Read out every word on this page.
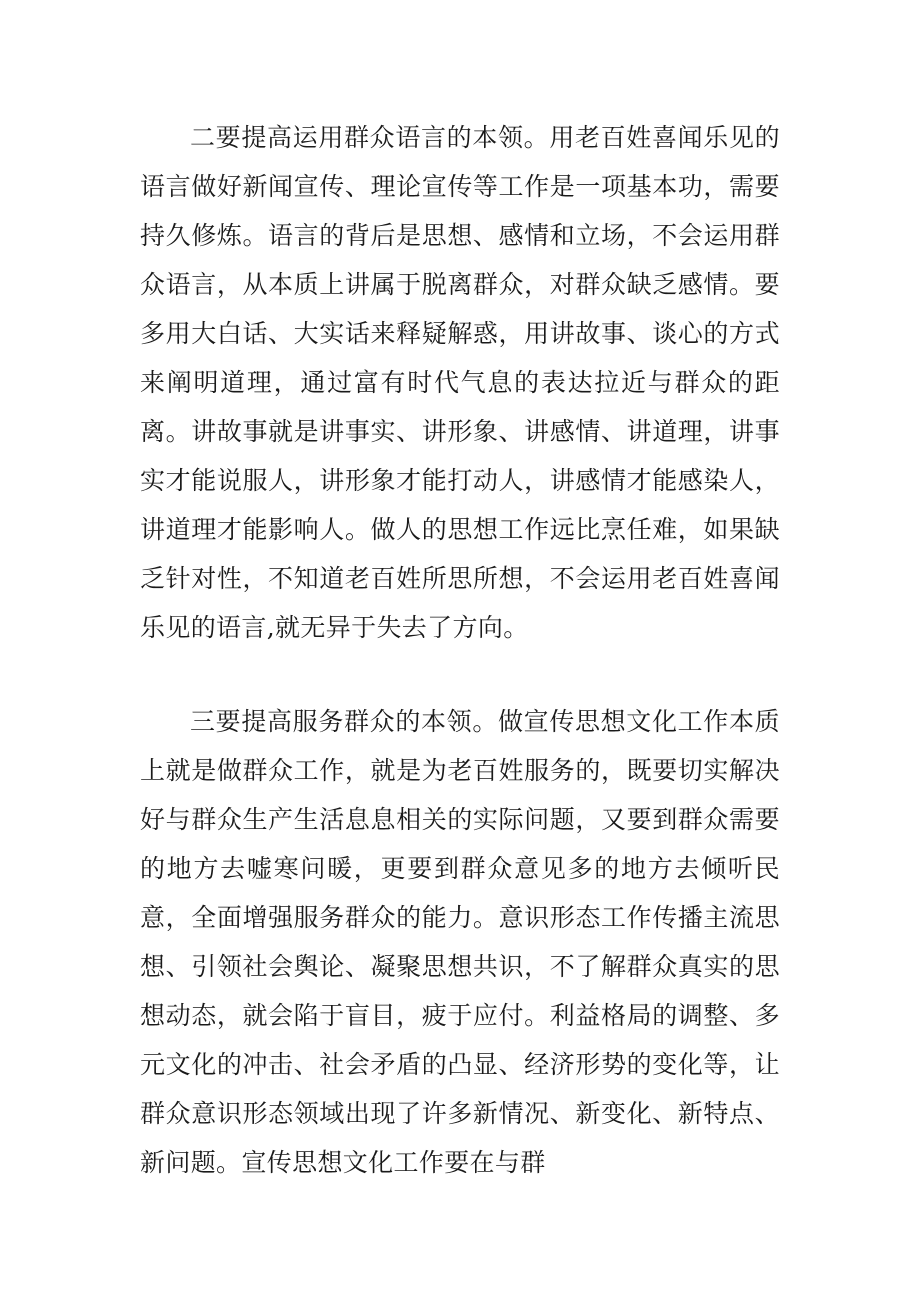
二要提高运用群众语言的本领。用老百姓喜闻乐见的语言做好新闻宣传、理论宣传等工作是一项基本功，需要持久修炼。语言的背后是思想、感情和立场，不会运用群众语言，从本质上讲属于脱离群众，对群众缺乏感情。要多用大白话、大实话来释疑解惑，用讲故事、谈心的方式来阐明道理，通过富有时代气息的表达拉近与群众的距离。讲故事就是讲事实、讲形象、讲感情、讲道理，讲事实才能说服人，讲形象才能打动人，讲感情才能感染人，讲道理才能影响人。做人的思想工作远比烹任难，如果缺乏针对性，不知道老百姓所思所想，不会运用老百姓喜闻乐见的语言,就无异于失去了方向。

三要提高服务群众的本领。做宣传思想文化工作本质上就是做群众工作，就是为老百姓服务的，既要切实解决好与群众生产生活息息相关的实际问题，又要到群众需要的地方去嘘寒问暖，更要到群众意见多的地方去倾听民意，全面增强服务群众的能力。意识形态工作传播主流思想、引领社会舆论、凝聚思想共识，不了解群众真实的思想动态，就会陷于盲目，疲于应付。利益格局的调整、多元文化的冲击、社会矛盾的凸显、经济形势的变化等，让群众意识形态领域出现了许多新情况、新变化、新特点、新问题。宣传思想文化工作要在与群
